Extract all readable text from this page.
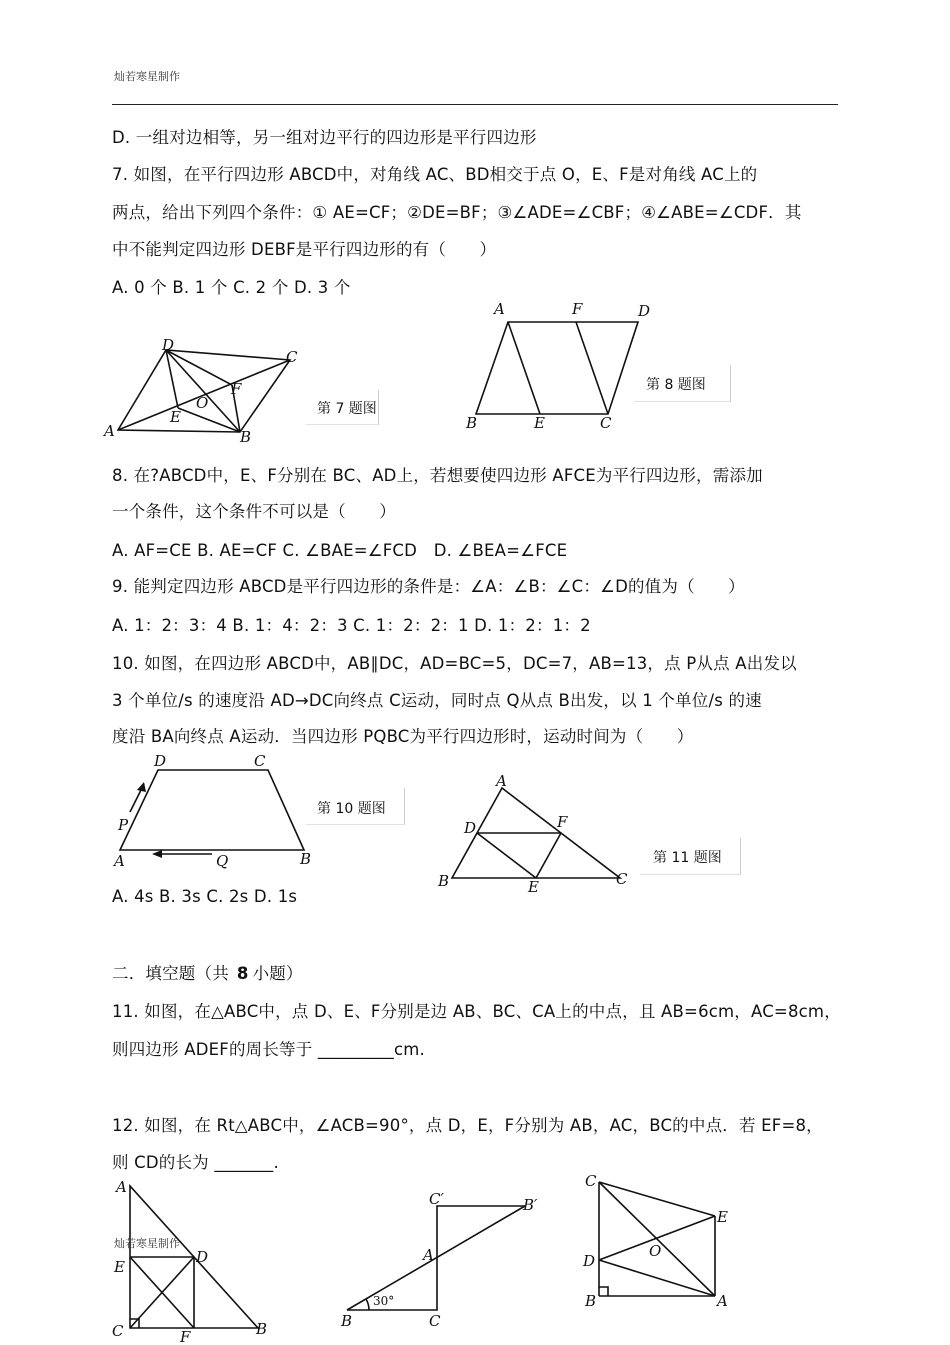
灿若寒星制作
D. 一组对边相等，另一组对边平行的四边形是平行四边形
7. 如图，在平行四边形 ABCD中，对角线 AC、BD相交于点 O，E、F是对角线 AC上的
两点，给出下列四个条件：① AE=CF；②DE=BF；③∠ADE=∠CBF；④∠ABE=∠CDF．其
中不能判定四边形 DEBF是平行四边形的有（　　）
A. 0 个 B. 1 个 C. 2 个 D. 3 个
A	B
C
D
E
F
O	第 7 题图
A	F	D
B	E	C
第 8 题图
8. 在?ABCD中，E、F分别在 BC、AD上，若想要使四边形 AFCE为平行四边形，需添加
一个条件，这个条件不可以是（　　）
A. AF=CE B. AE=CF C. ∠BAE=∠FCD　D. ∠BEA=∠FCE
9. 能判定四边形 ABCD是平行四边形的条件是：∠A：∠B：∠C：∠D的值为（　　）
A. 1：2：3：4 B. 1：4：2：3 C. 1：2：2：1 D. 1：2：1：2
10. 如图，在四边形 ABCD中，AB∥DC，AD=BC=5，DC=7，AB=13，点 P从点 A出发以
3 个单位/s 的速度沿 AD→DC向终点 C运动，同时点 Q从点 B出发，以 1 个单位/s 的速
度沿 BA向终点 A运动．当四边形 PQBC为平行四边形时，运动时间为（　　）
D	C
P
A	Q	B
第 10 题图
A
D	F
B	E	C
第 11 题图
A. 4s B. 3s C. 2s D. 1s
二．填空题（共 8 小题）
11. 如图，在△ABC中，点 D、E、F分别是边 AB、BC、CA上的中点，且 AB=6cm，AC=8cm，
则四边形 ADEF的周长等于 _________cm.
12. 如图，在 Rt△ABC中，∠ACB=90°，点 D，E，F分别为 AB，AC，BC的中点．若 EF=8，
则 CD的长为 _______.
A
E
D
C	F	B
灿若寒星制作
C′	B′
A
30°
B	C
C
E
D
O
B	A
